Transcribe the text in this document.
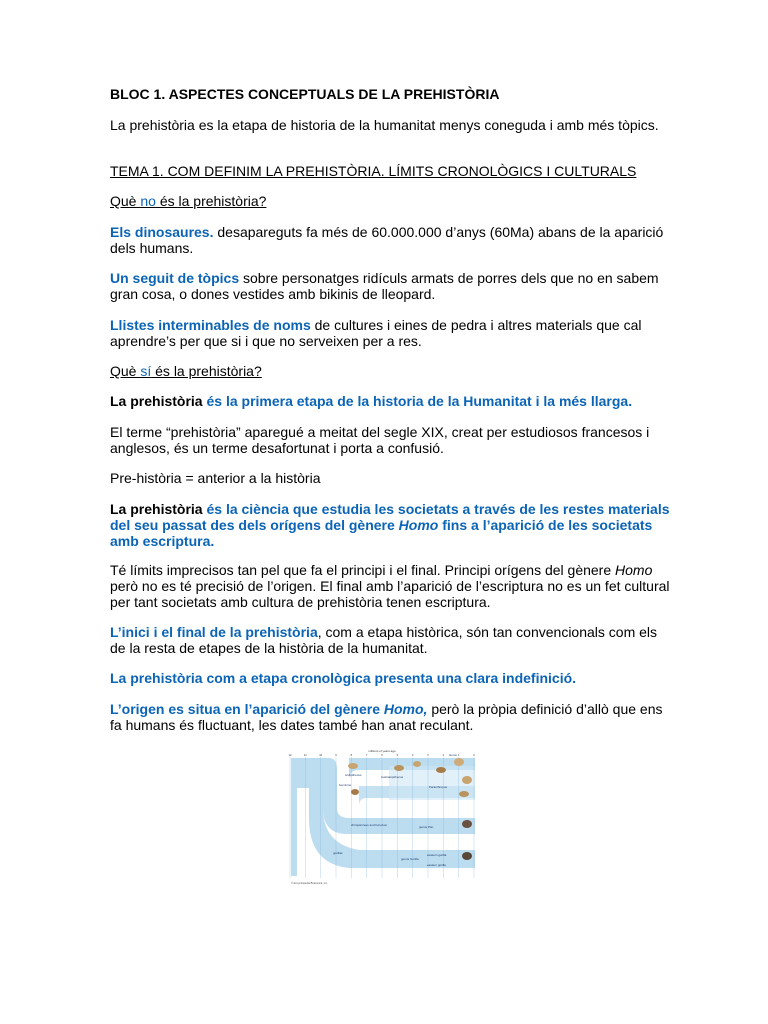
BLOC 1. ASPECTES CONCEPTUALS DE LA PREHISTÒRIA

La prehistòria es la etapa de historia de la humanitat menys coneguda i amb més tòpics.

TEMA 1. COM DEFINIM LA PREHISTÒRIA. LÍMITS CRONOLÒGICS I CULTURALS

Què no és la prehistòria?

Els dinosaures. desapareguts fa més de 60.000.000 d’anys (60Ma) abans de la aparició dels humans.

Un seguit de tòpics sobre personatges ridículs armats de porres dels que no en sabem gran cosa, o dones vestides amb bikinis de lleopard.

Llistes interminables de noms de cultures i eines de pedra i altres materials que cal aprendre’s per que si i que no serveixen per a res.

Què sí és la prehistòria?

La prehistòria és la primera etapa de la historia de la Humanitat i la més llarga.

El terme “prehistòria” aparegué a meitat del segle XIX, creat per estudiosos francesos i anglesos, és un terme desafortunat i porta a confusió.

Pre-història = anterior a la història

La prehistòria és la ciència que estudia les societats a través de les restes materials del seu passat des dels orígens del gènere Homo fins a l’aparició de les societats amb escriptura.

Té límits imprecisos tan pel que fa el principi i el final. Principi orígens del gènere Homo però no es té precisió de l’origen. El final amb l’aparició de l’escriptura no es un fet cultural per tant societats amb cultura de prehistòria tenen escriptura.

L’inici i el final de la prehistòria, com a etapa històrica, són tan convencionals com els de la resta de etapes de la història de la humanitat.

La prehistòria com a etapa cronològica presenta una clara indefinició.

L’origen es situa en l’aparició del gènere Homo, però la pròpia definició d’allò que ens fa humans és fluctuant, les dates també han anat reculant.

millions of years ago
12	11	10	9	8	7	6	5	4	3	2	1	0
Homo
Australopithecus
Ardipithecus
Paranthropus
genus Pan
chimpanzees and bonobos
genus Gorilla
western gorilla
eastern gorilla
gorillas
hominins
© Encyclopædia Britannica, Inc.
